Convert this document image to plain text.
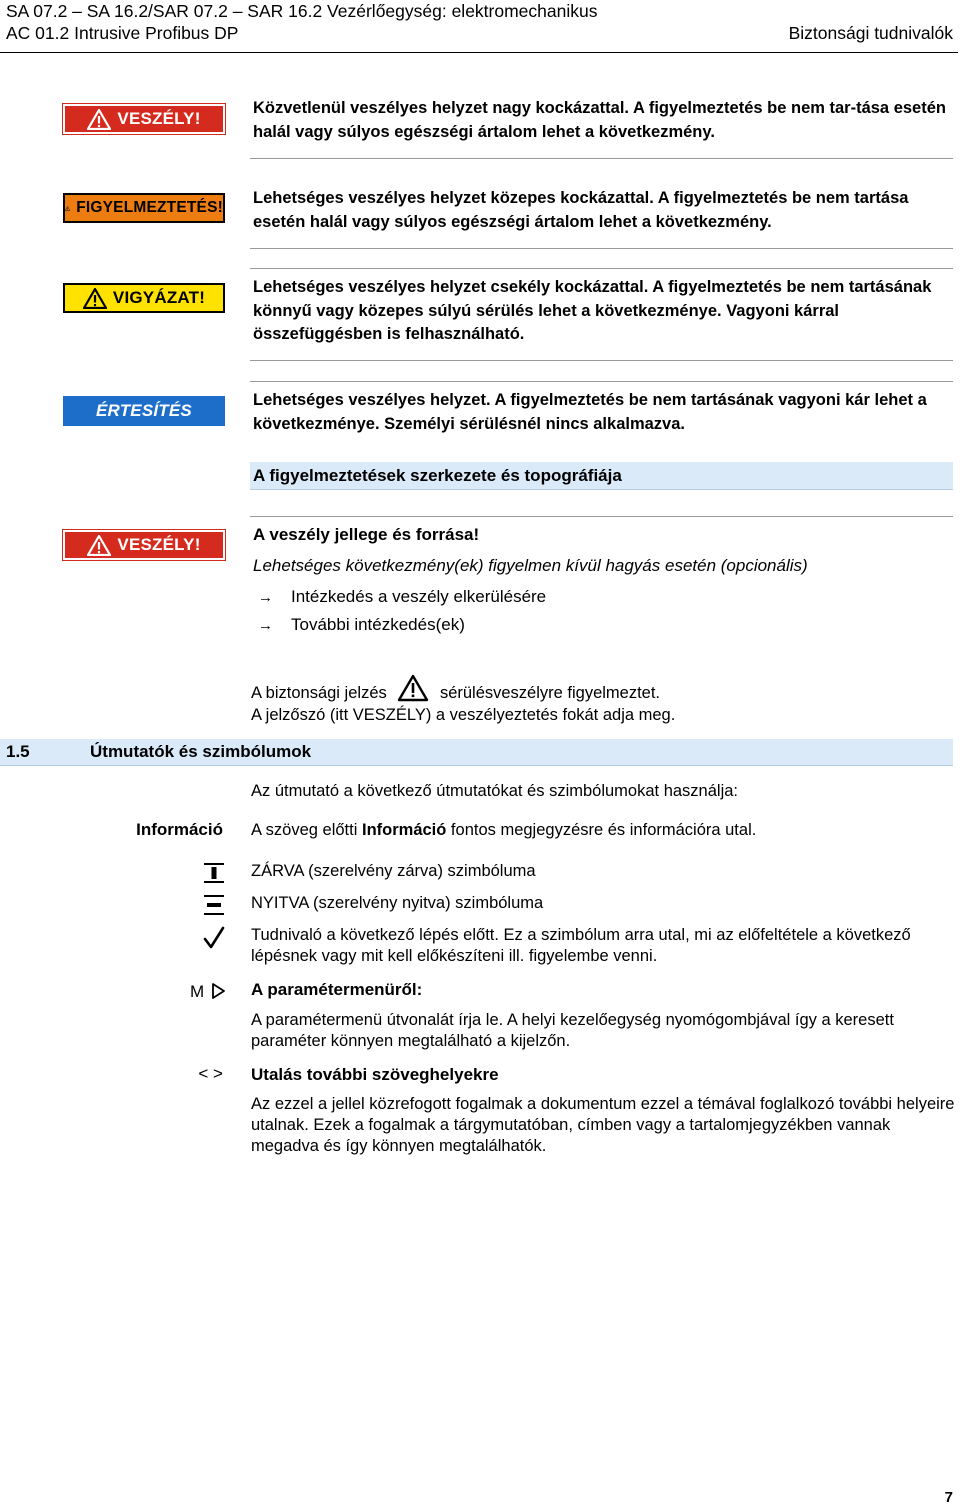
SA 07.2 – SA 16.2/SAR 07.2 – SAR 16.2 Vezérlőegység: elektromechanikus
AC 01.2 Intrusive Profibus DP	Biztonsági tudnivalók
VESZÉLY!
Közvetlenül veszélyes helyzet nagy kockázattal. A figyelmeztetés be nem tar-tása esetén halál vagy súlyos egészségi ártalom lehet a következmény.
FIGYELMEZTETÉS!
Lehetséges veszélyes helyzet közepes kockázattal. A figyelmeztetés be nem tartása esetén halál vagy súlyos egészségi ártalom lehet a következmény.
VIGYÁZAT!
Lehetséges veszélyes helyzet csekély kockázattal. A figyelmeztetés be nem tartásának könnyű vagy közepes súlyú sérülés lehet a következménye. Vagyoni kárral összefüggésben is felhasználható.
ÉRTESÍTÉS
Lehetséges veszélyes helyzet. A figyelmeztetés be nem tartásának vagyoni kár lehet a következménye. Személyi sérülésnél nincs alkalmazva.
A figyelmeztetések szerkezete és topográfiája
VESZÉLY!
A veszély jellege és forrása!
Lehetséges következmény(ek) figyelmen kívül hagyás esetén (opcionális)
→ Intézkedés a veszély elkerülésére
→ További intézkedés(ek)
A biztonsági jelzés	sérülésveszélyre figyelmeztet.
A jelzőszó (itt VESZÉLY) a veszélyeztetés fokát adja meg.
1.5	Útmutatók és szimbólumok
Az útmutató a következő útmutatókat és szimbólumokat használja:
Információ A szöveg előtti Információ fontos megjegyzésre és információra utal.
ZÁRVA (szerelvény zárva) szimbóluma
NYITVA (szerelvény nyitva) szimbóluma
Tudnivaló a következő lépés előtt. Ez a szimbólum arra utal, mi az előfeltétele a következő lépésnek vagy mit kell előkészíteni ill. figyelembe venni.
M	A paramétermenüről:
A paramétermenü útvonalát írja le. A helyi kezelőegység nyomógombjával így a keresett paraméter könnyen megtalálható a kijelzőn.
< > Utalás további szöveghelyekre
Az ezzel a jellel közrefogott fogalmak a dokumentum ezzel a témával foglalkozó további helyeire utalnak. Ezek a fogalmak a tárgymutatóban, címben vagy a tartalomjegyzékben vannak megadva és így könnyen megtalálhatók.
7
